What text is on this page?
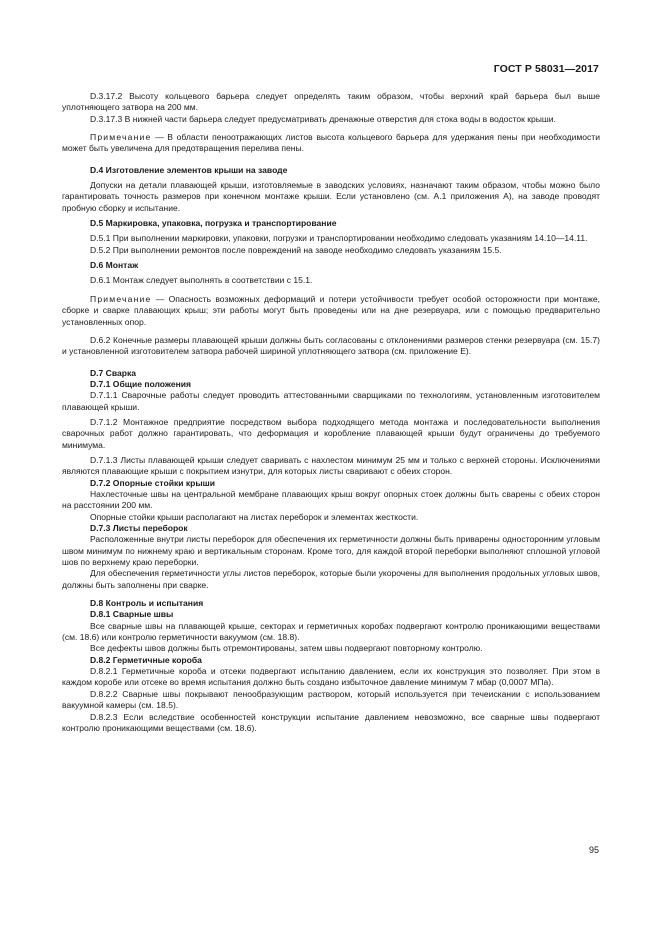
ГОСТ Р 58031—2017

D.3.17.2 Высоту кольцевого барьера следует определять таким образом, чтобы верхний край барьера был выше уплотняющего затвора на 200 мм.

D.3.17.3 В нижней части барьера следует предусматривать дренажные отверстия для стока воды в водосток крыши.

Примечание — В области пеноотражающих листов высота кольцевого барьера для удержания пены при необходимости может быть увеличена для предотвращения перелива пены.

D.4 Изготовление элементов крыши на заводе

Допуски на детали плавающей крыши, изготовляемые в заводских условиях, назначают таким образом, чтобы можно было гарантировать точность размеров при конечном монтаже крыши. Если установлено (см. А.1 приложения А), на заводе проводят пробную сборку и испытание.

D.5 Маркировка, упаковка, погрузка и транспортирование

D.5.1 При выполнении маркировки, упаковки, погрузки и транспортировании необходимо следовать указаниям 14.10—14.11.

D.5.2 При выполнении ремонтов после повреждений на заводе необходимо следовать указаниям 15.5.

D.6 Монтаж

D.6.1 Монтаж следует выполнять в соответствии с 15.1.

Примечание — Опасность возможных деформаций и потери устойчивости требует особой осторожности при монтаже, сборке и сварке плавающих крыш; эти работы могут быть проведены или на дне резервуара, или с помощью предварительно установленных опор.

D.6.2 Конечные размеры плавающей крыши должны быть согласованы с отклонениями размеров стенки резервуара (см. 15.7) и установленной изготовителем затвора рабочей шириной уплотняющего затвора (см. приложение Е).

D.7 Сварка

D.7.1 Общие положения

D.7.1.1 Сварочные работы следует проводить аттестованными сварщиками по технологиям, установленным изготовителем плавающей крыши.

D.7.1.2 Монтажное предприятие посредством выбора подходящего метода монтажа и последовательности выполнения сварочных работ должно гарантировать, что деформация и коробление плавающей крыши будут ограничены до требуемого минимума.

D.7.1.3 Листы плавающей крыши следует сваривать с нахлестом минимум 25 мм и только с верхней стороны. Исключениями являются плавающие крыши с покрытием изнутри, для которых листы сваривают с обеих сторон.

D.7.2 Опорные стойки крыши

Нахлесточные швы на центральной мембране плавающих крыш вокруг опорных стоек должны быть сварены с обеих сторон на расстоянии 200 мм.

Опорные стойки крыши располагают на листах переборок и элементах жесткости.

D.7.3 Листы переборок

Расположенные внутри листы переборок для обеспечения их герметичности должны быть приварены односторонним угловым швом минимум по нижнему краю и вертикальным сторонам. Кроме того, для каждой второй переборки выполняют сплошной угловой шов по верхнему краю переборки.

Для обеспечения герметичности углы листов переборок, которые были укорочены для выполнения продольных угловых швов, должны быть заполнены при сварке.

D.8 Контроль и испытания

D.8.1 Сварные швы

Все сварные швы на плавающей крыше, секторах и герметичных коробах подвергают контролю проникающими веществами (см. 18.6) или контролю герметичности вакуумом (см. 18.8).

Все дефекты швов должны быть отремонтированы, затем швы подвергают повторному контролю.

D.8.2 Герметичные короба

D.8.2.1 Герметичные короба и отсеки подвергают испытанию давлением, если их конструкция это позволяет. При этом в каждом коробе или отсеке во время испытания должно быть создано избыточное давление минимум 7 мбар (0,0007 МПа).

D.8.2.2 Сварные швы покрывают пенообразующим раствором, который используется при течеискании с использованием вакуумной камеры (см. 18.5).

D.8.2.3 Если вследствие особенностей конструкции испытание давлением невозможно, все сварные швы подвергают контролю проникающими веществами (см. 18.6).

95
